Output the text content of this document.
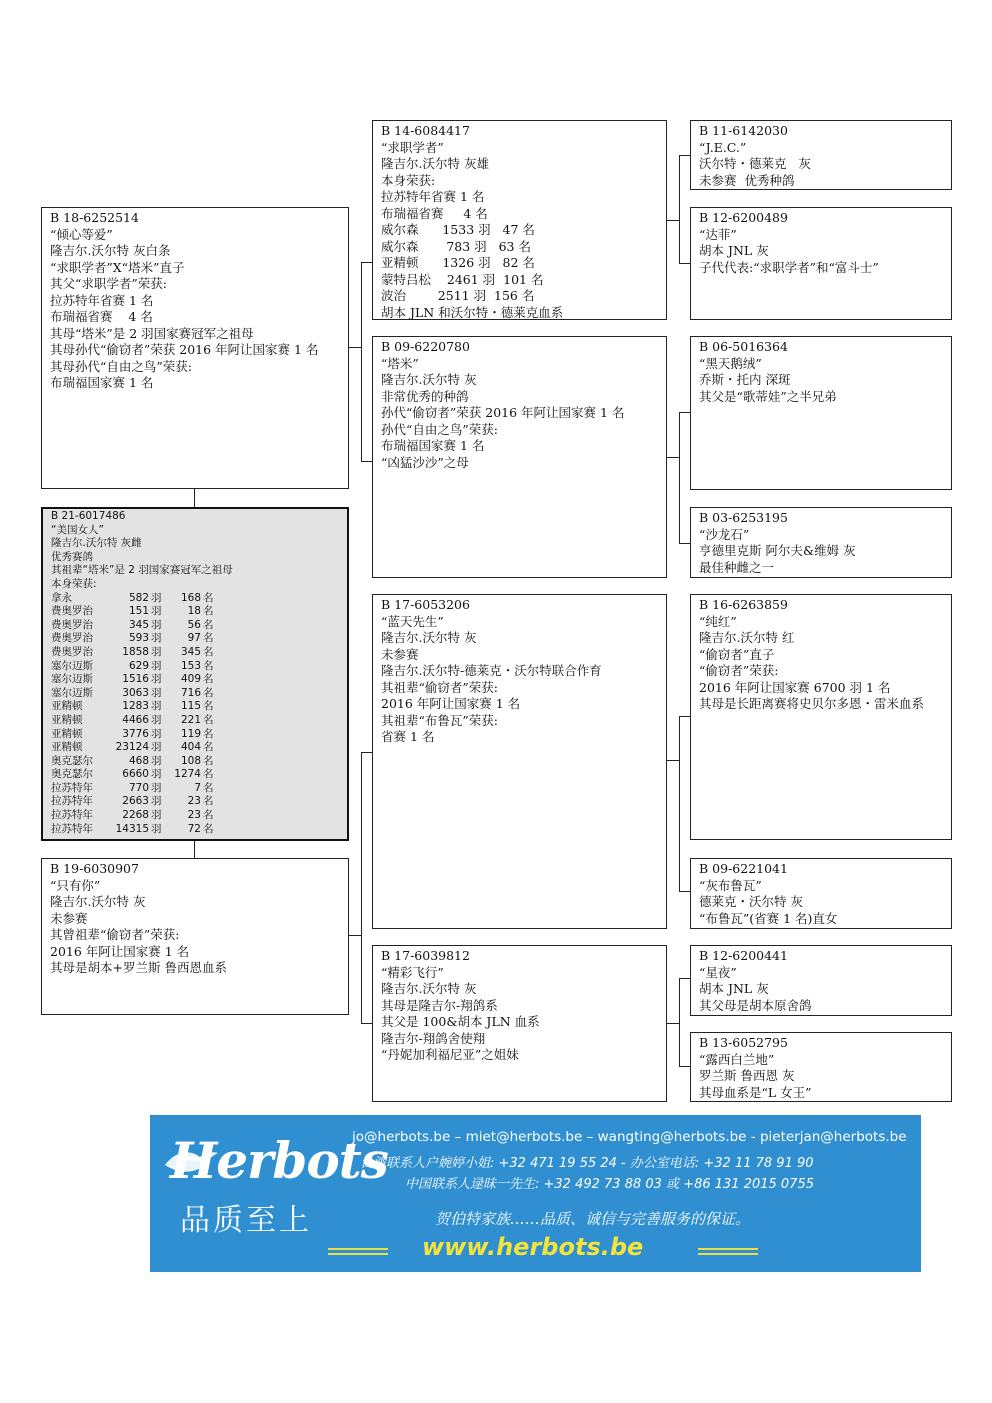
B 18-6252514
“倾心等爱”
隆吉尔.沃尔特 灰白条
“求职学者”X“塔米”直子
其父“求职学者”荣获:
拉苏特年省赛 1 名
布瑞福省赛    4 名
其母“塔米”是 2 羽国家赛冠军之祖母
其母孙代“偷窃者”荣获 2016 年阿让国家赛 1 名
其母孙代“自由之鸟”荣获:
布瑞福国家赛 1 名
B 21-6017486
“美国女人”
隆吉尔.沃尔特 灰雌
优秀赛鸽
其祖辈“塔米”是 2 羽国家赛冠军之祖母
本身荣获:
拿永	582	羽	168	名
费奥罗治	151	羽	18	名
费奥罗治	345	羽	56	名
费奥罗治	593	羽	97	名
费奥罗治	1858	羽	345	名
塞尔迈斯	629	羽	153	名
塞尔迈斯	1516	羽	409	名
塞尔迈斯	3063	羽	716	名
亚精顿	1283	羽	115	名
亚精顿	4466	羽	221	名
亚精顿	3776	羽	119	名
亚精顿	23124	羽	404	名
奥克瑟尔	468	羽	108	名
奥克瑟尔	6660	羽	1274	名
拉苏特年	770	羽	7	名
拉苏特年	2663	羽	23	名
拉苏特年	2268	羽	23	名
拉苏特年	14315	羽	72	名
B 19-6030907
“只有你”
隆吉尔.沃尔特 灰
未参赛
其曾祖辈“偷窃者”荣获:
2016 年阿让国家赛 1 名
其母是胡本+罗兰斯 鲁西恩血系
B 14-6084417
“求职学者”
隆吉尔.沃尔特 灰雄
本身荣获:
拉苏特年省赛 1 名
布瑞福省赛     4 名
威尔森      1533 羽   47 名
威尔森       783 羽   63 名
亚精顿      1326 羽   82 名
蒙特吕松    2461 羽  101 名
波治        2511 羽  156 名
胡本 JLN 和沃尔特・德莱克血系
B 09-6220780
“塔米”
隆吉尔.沃尔特 灰
非常优秀的种鸽
孙代“偷窃者”荣获 2016 年阿让国家赛 1 名
孙代“自由之鸟”荣获:
布瑞福国家赛 1 名
“凶猛沙沙”之母
B 17-6053206
“蓝天先生”
隆吉尔.沃尔特 灰
未参赛
隆吉尔.沃尔特-德莱克・沃尔特联合作育
其祖辈“偷窃者”荣获:
2016 年阿让国家赛 1 名
其祖辈“布鲁瓦”荣获:
省赛 1 名
B 17-6039812
“精彩飞行”
隆吉尔.沃尔特 灰
其母是隆吉尔-翔鸽系
其父是 100&胡本 JLN 血系
隆吉尔-翔鸽舍使翔
“丹妮加利福尼亚”之姐妹
B 11-6142030
“J.E.C.”
沃尔特・德莱克   灰
未参赛  优秀种鸽
B 12-6200489
“达菲”
胡本 JNL 灰
子代代表:“求职学者”和“富斗士”
B 06-5016364
“黑天鹅绒”
乔斯・托内 深斑
其父是“歌蒂娃”之半兄弟
B 03-6253195
“沙龙石”
亨德里克斯 阿尔夫&维姆 灰
最佳种雌之一
B 16-6263859
“纯红”
隆吉尔.沃尔特 红
“偷窃者”直子
“偷窃者”荣获:
2016 年阿让国家赛 6700 羽 1 名
其母是长距离赛将史贝尔多恩・雷米血系
B 09-6221041
“灰布鲁瓦”
德莱克・沃尔特 灰
“布鲁瓦”(省赛 1 名)直女
B 12-6200441
“星夜”
胡本 JNL 灰
其父母是胡本原舍鸽
B 13-6052795
“露西白兰地”
罗兰斯 鲁西恩 灰
其母血系是“L 女王”
Herbots
品质至上
jo@herbots.be – miet@herbots.be – wangting@herbots.be - pieterjan@herbots.be
台湾联系人户婉婷小姐: +32 471 19 55 24 - 办公室电话: +32 11 78 91 90
中国联系人逯昧一先生: +32 492 73 88 03 或 +86 131 2015 0755
贺伯特家族……品质、诚信与完善服务的保证。
www.herbots.be
